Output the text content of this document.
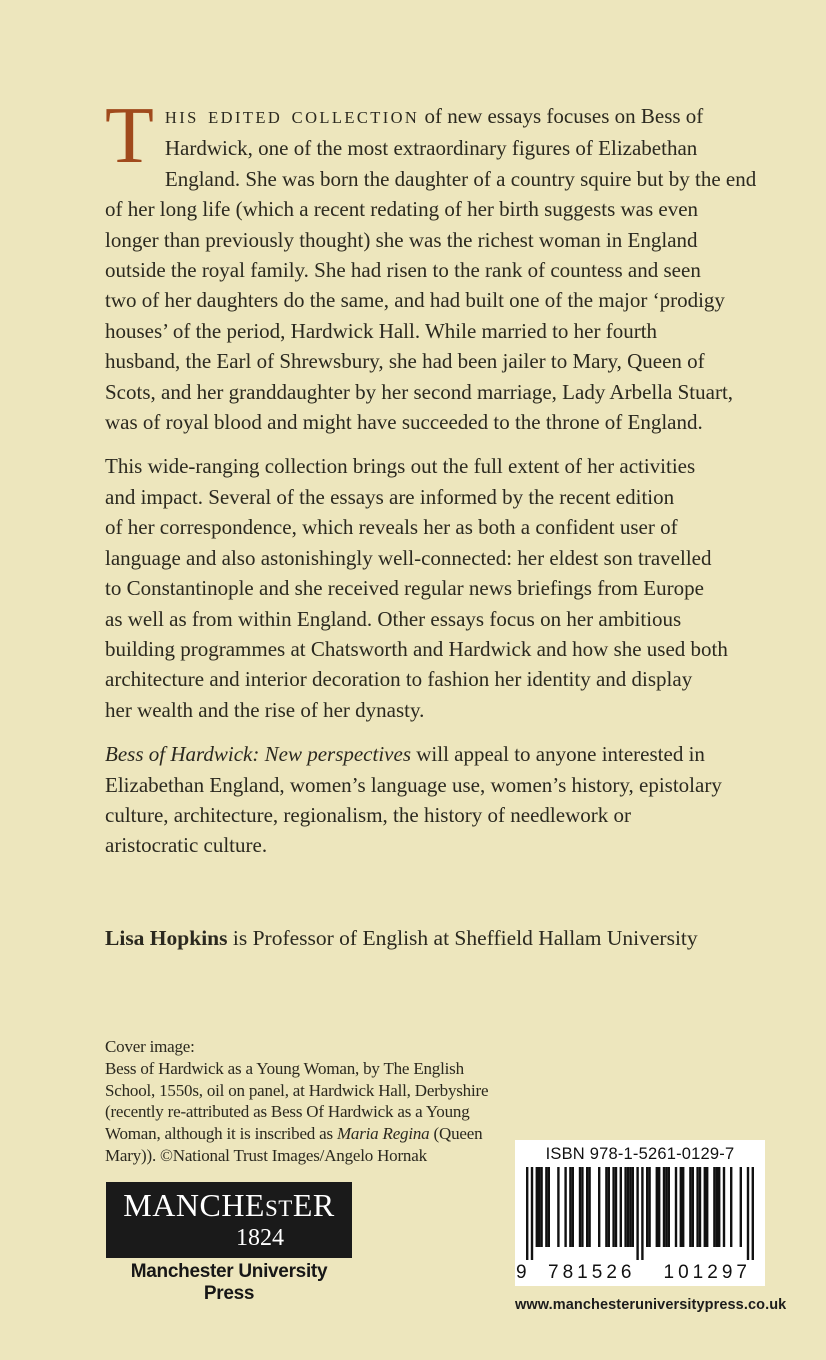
T HIS EDITED COLLECTION of new essays focuses on Bess of
Hardwick, one of the most extraordinary figures of Elizabethan
England. She was born the daughter of a country squire but by the end
of her long life (which a recent redating of her birth suggests was even
longer than previously thought) she was the richest woman in England
outside the royal family. She had risen to the rank of countess and seen
two of her daughters do the same, and had built one of the major ‘prodigy
houses’ of the period, Hardwick Hall. While married to her fourth
husband, the Earl of Shrewsbury, she had been jailer to Mary, Queen of
Scots, and her granddaughter by her second marriage, Lady Arbella Stuart,
was of royal blood and might have succeeded to the throne of England.
This wide-ranging collection brings out the full extent of her activities
and impact. Several of the essays are informed by the recent edition
of her correspondence, which reveals her as both a confident user of
language and also astonishingly well-connected: her eldest son travelled
to Constantinople and she received regular news briefings from Europe
as well as from within England. Other essays focus on her ambitious
building programmes at Chatsworth and Hardwick and how she used both
architecture and interior decoration to fashion her identity and display
her wealth and the rise of her dynasty.
Bess of Hardwick: New perspectives will appeal to anyone interested in
Elizabethan England, women’s language use, women’s history, epistolary
culture, architecture, regionalism, the history of needlework or
aristocratic culture.
Lisa Hopkins is Professor of English at Sheffield Hallam University
Cover image:
Bess of Hardwick as a Young Woman, by The English
School, 1550s, oil on panel, at Hardwick Hall, Derbyshire
(recently re-attributed as Bess Of Hardwick as a Young
Woman, although it is inscribed as Maria Regina (Queen
Mary)). ©National Trust Images/Angelo Hornak
MANCHESTER
1824
Manchester University Press
ISBN 978-1-5261-0129-7
9	781526	101297
www.manchesteruniversitypress.co.uk
